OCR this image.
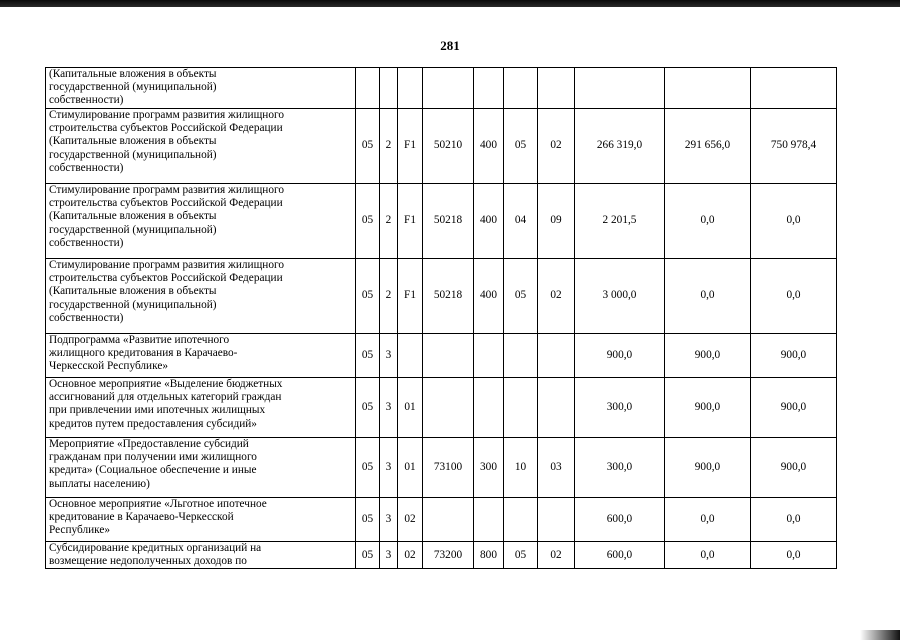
281
(Капитальные вложения в объекты
государственной (муниципальной)
собственности)										

Стимулирование программ развития жилищного
строительства субъектов Российской Федерации
(Капитальные вложения в объекты
государственной (муниципальной)
собственности)	05	2	F1	50210	400	05	02	266 319,0	291 656,0	750 978,4

Стимулирование программ развития жилищного
строительства субъектов Российской Федерации
(Капитальные вложения в объекты
государственной (муниципальной)
собственности)	05	2	F1	50218	400	04	09	2 201,5	0,0	0,0

Стимулирование программ развития жилищного
строительства субъектов Российской Федерации
(Капитальные вложения в объекты
государственной (муниципальной)
собственности)	05	2	F1	50218	400	05	02	3 000,0	0,0	0,0

Подпрограмма «Развитие ипотечного
жилищного кредитования в Карачаево-
Черкесской Республике»	05	3						900,0	900,0	900,0

Основное мероприятие «Выделение бюджетных
ассигнований для отдельных категорий граждан
при привлечении ими ипотечных жилищных
кредитов путем предоставления субсидий»	05	3	01					300,0	900,0	900,0

Мероприятие «Предоставление субсидий
гражданам при получении ими жилищного
кредита» (Социальное обеспечение и иные
выплаты населению)	05	3	01	73100	300	10	03	300,0	900,0	900,0

Основное мероприятие «Льготное ипотечное
кредитование в Карачаево-Черкесской
Республике»	05	3	02					600,0	0,0	0,0

Субсидирование кредитных организаций на
возмещение недополученных доходов по	05	3	02	73200	800	05	02	600,0	0,0	0,0
